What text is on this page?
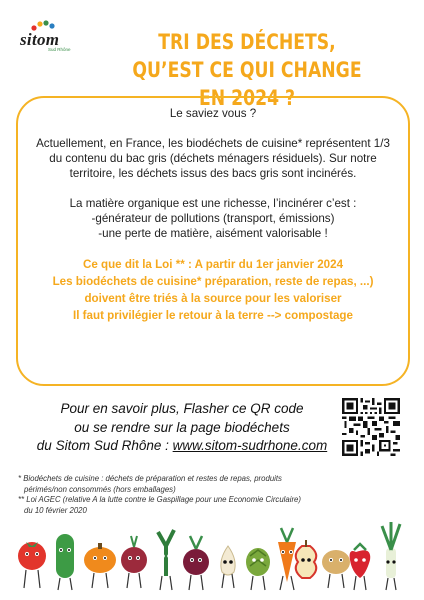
sitom
Sud Rhône	TRI DES DÉCHETS,
QU’EST CE QUI CHANGE EN 2024 ?

Le saviez vous ?

Actuellement, en France, les biodéchets de cuisine* représentent 1/3 du contenu du bac gris (déchets ménagers résiduels). Sur notre territoire, les déchets issus des bacs gris sont incinérés.

La matière organique est une richesse, l’incinérer c’est :

-générateur de pollutions (transport, émissions)

-une perte de matière, aisément valorisable !

Ce que dit la Loi ** : A partir du 1er janvier 2024

Les biodéchets de cuisine* préparation, reste de repas, ...)

doivent être triés à la source pour les valoriser

Il faut privilégier le retour à la terre --> compostage

Pour en savoir plus, Flasher ce QR code
ou se rendre sur la page biodéchets
du Sitom Sud Rhône : www.sitom-sudrhone.com
* Biodéchets de cuisine : déchets de préparation et restes de repas, produits
périmés/non consommés (hors emballages)
** Loi AGEC (relative A la lutte contre le Gaspillage pour une Economie Circulaire)
du 10 février 2020
